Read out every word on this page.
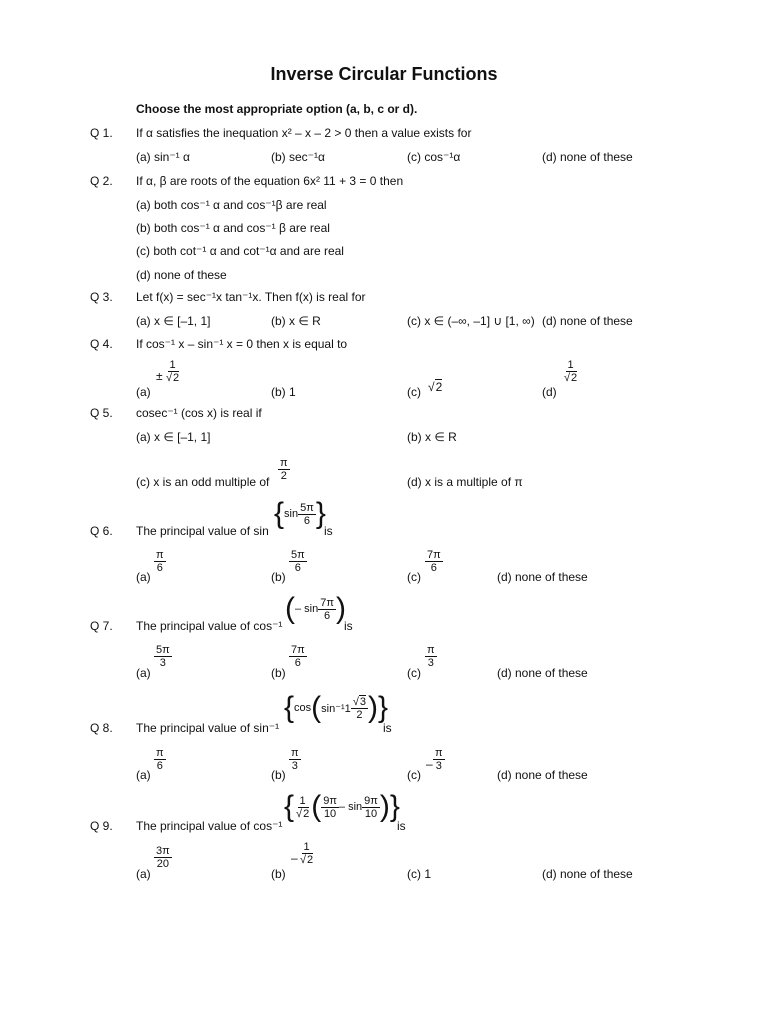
Inverse Circular Functions
Choose the most appropriate option (a, b, c or d).
Q 1. If α satisfies the inequation x² – x – 2 > 0 then a value exists for
(a) sin⁻¹ α	(b) sec⁻¹α	(c) cos⁻¹α	(d) none of these
Q 2. If α, β are roots of the equation 6x² 11 + 3 = 0 then
(a) both cos⁻¹ α and cos⁻¹β are real
(b) both cos⁻¹ α and cos⁻¹ β are real
(c) both cot⁻¹ α and cot⁻¹α and are real
(d) none of these
Q 3. Let f(x) = sec⁻¹x tan⁻¹x. Then f(x) is real for
(a) x ∈ [–1, 1]	(b) x ∈ R	(c) x ∈ (–∞, –1] ∪ [1, ∞) (d) none of these
Q 4. If cos⁻¹ x – sin⁻¹ x = 0 then x is equal to
(a)
± $\frac{1}{√2}$
(b) 1	(c) √2	(d)
$\frac{1}{√2}$
Q 5. cosec⁻¹ (cos x) is real if
(a) x ∈ [–1, 1]	(b) x ∈ R
(c) x is an odd multiple of $\frac{\pi}{2}$	(d) x is a multiple of π
Q 6. The principal value of sin
{ $\sin \frac{5\pi}{6}$ }
is
(a)
$\frac{\pi}{6}$
(b)
$\frac{5\pi}{6}$
(c)
$\frac{7\pi}{6}$
(d) none of these
Q 7. The principal value of cos⁻¹
( – $\sin \frac{7\pi}{6}$ )
is
(a)
$\frac{5\pi}{3}$
(b)
$\frac{7\pi}{6}$
(c)
$\frac{\pi}{3}$
(d) none of these
Q 8. The principal value of sin⁻¹
{ cos ( $\sin^{-1}1 \frac{√3}{2}$ ) }
is
(a)
$\frac{\pi}{6}$
(b)
$\frac{\pi}{3}$
(c)
– $\frac{\pi}{3}$
(d) none of these
Q 9. The principal value of cos⁻¹
{ $\frac{1}{√2}$ ( $\frac{9\pi}{10}$ – $\sin \frac{9\pi}{10}$ ) }
is
(a)
$\frac{3\pi}{20}$
(b)
– $\frac{1}{√2}$
(c) 1	(d) none of these
